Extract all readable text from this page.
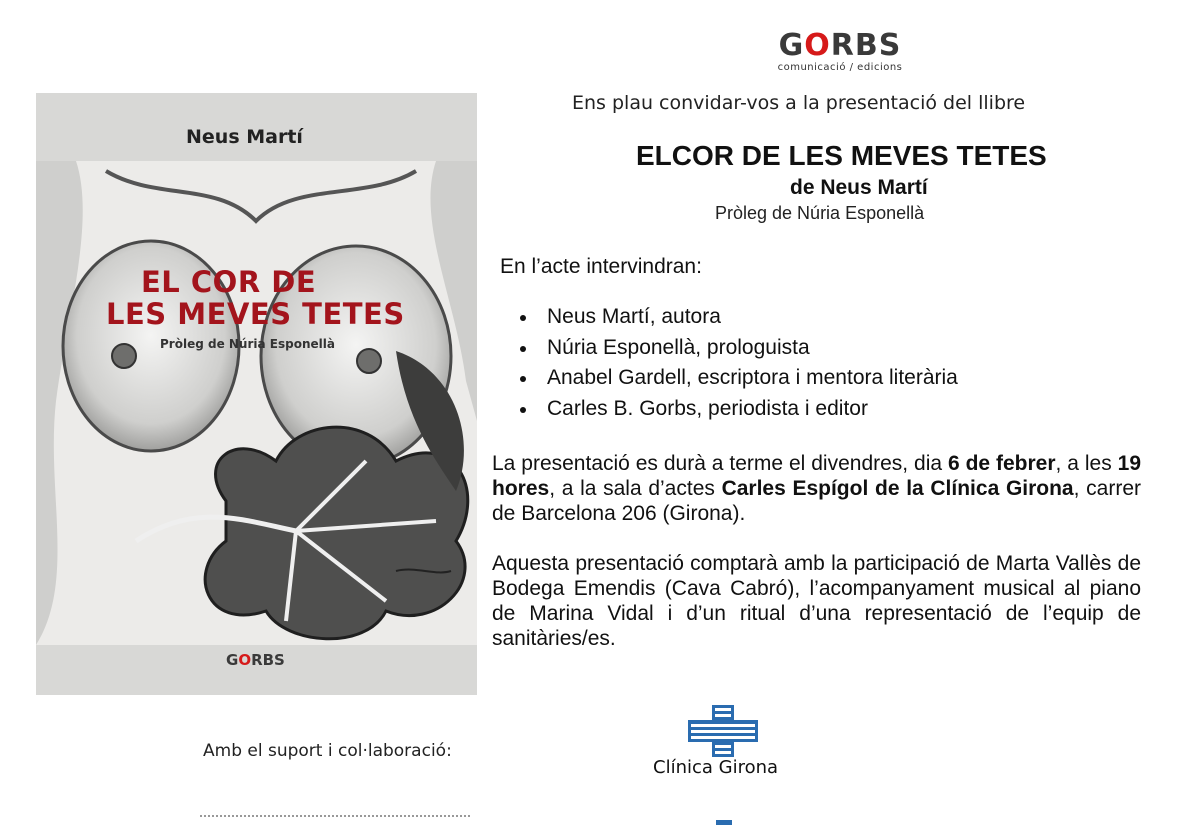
GORBS
comunicació / edicions
Ens plau convidar-vos a la presentació del llibre
ELCOR DE LES MEVES TETES
de Neus Martí
Pròleg de Núria Esponellà
En l’acte intervindran:
Neus Martí, autora
Núria Esponellà, prologuista
Anabel Gardell, escriptora i mentora literària
Carles B. Gorbs, periodista i editor
La presentació es durà a terme el divendres, dia 6 de febrer, a les 19 hores, a la sala d’actes Carles Espígol de la Clínica Girona, carrer de Barcelona 206 (Girona).
Aquesta presentació comptarà amb la participació de Marta Vallès de Bodega Emendis (Cava Cabró), l’acompanyament musical al piano de Marina Vidal i d’un ritual d’una representació de l’equip de sanitàries/es.
EL COR DE
LES MEVES TETES
Pròleg de Núria Esponellà
Neus Martí
GORBS
Amb el suport i col·laboració:
Clínica Girona
